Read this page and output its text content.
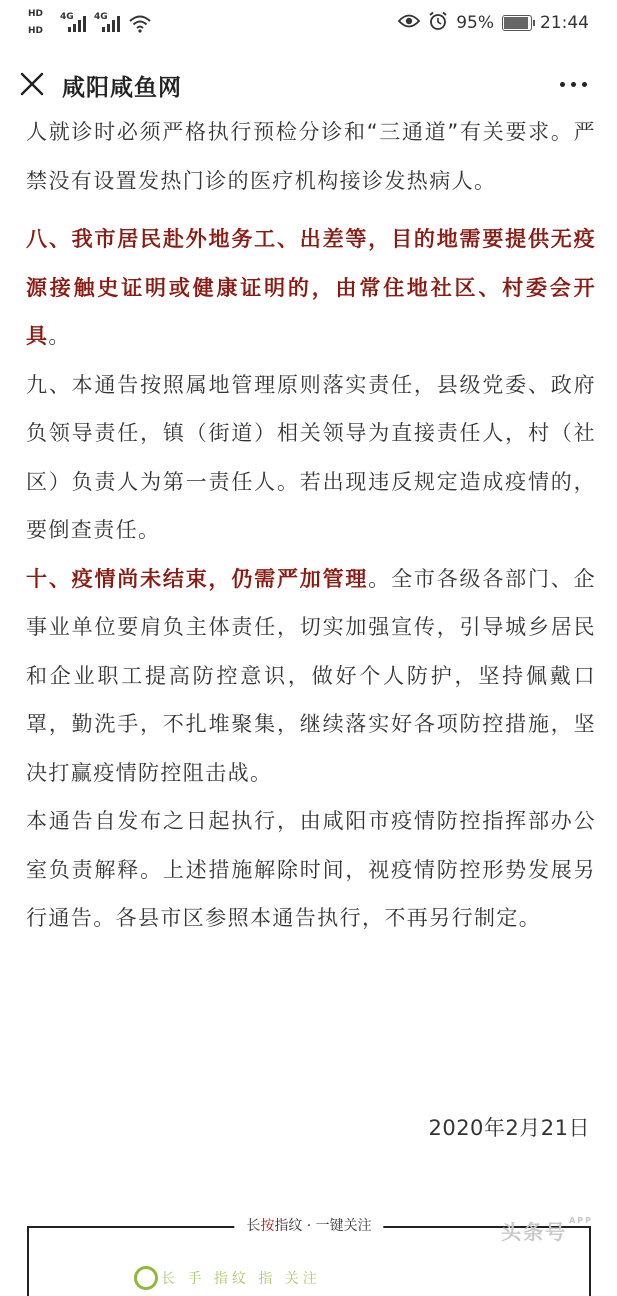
HD
HD
4G 4G	95%	21:44
咸阳咸鱼网

人就诊时必须严格执行预检分诊和“三通道”有关要求。严禁没有设置发热门诊的医疗机构接诊发热病人。

八、我市居民赴外地务工、出差等，目的地需要提供无疫源接触史证明或健康证明的，由常住地社区、村委会开具。

九、本通告按照属地管理原则落实责任，县级党委、政府负领导责任，镇（街道）相关领导为直接责任人，村（社区）负责人为第一责任人。若出现违反规定造成疫情的，要倒查责任。

十、疫情尚未结束，仍需严加管理。全市各级各部门、企事业单位要肩负主体责任，切实加强宣传，引导城乡居民和企业职工提高防控意识，做好个人防护，坚持佩戴口罩，勤洗手，不扎堆聚集，继续落实好各项防控措施，坚决打赢疫情防控阻击战。

本通告自发布之日起执行，由咸阳市疫情防控指挥部办公室负责解释。上述措施解除时间，视疫情防控形势发展另行通告。各县市区参照本通告执行，不再另行制定。

2020年2月21日
长按指纹 · 一键关注
长 手 指纹 指 关注
头条号 $^{APP}$
